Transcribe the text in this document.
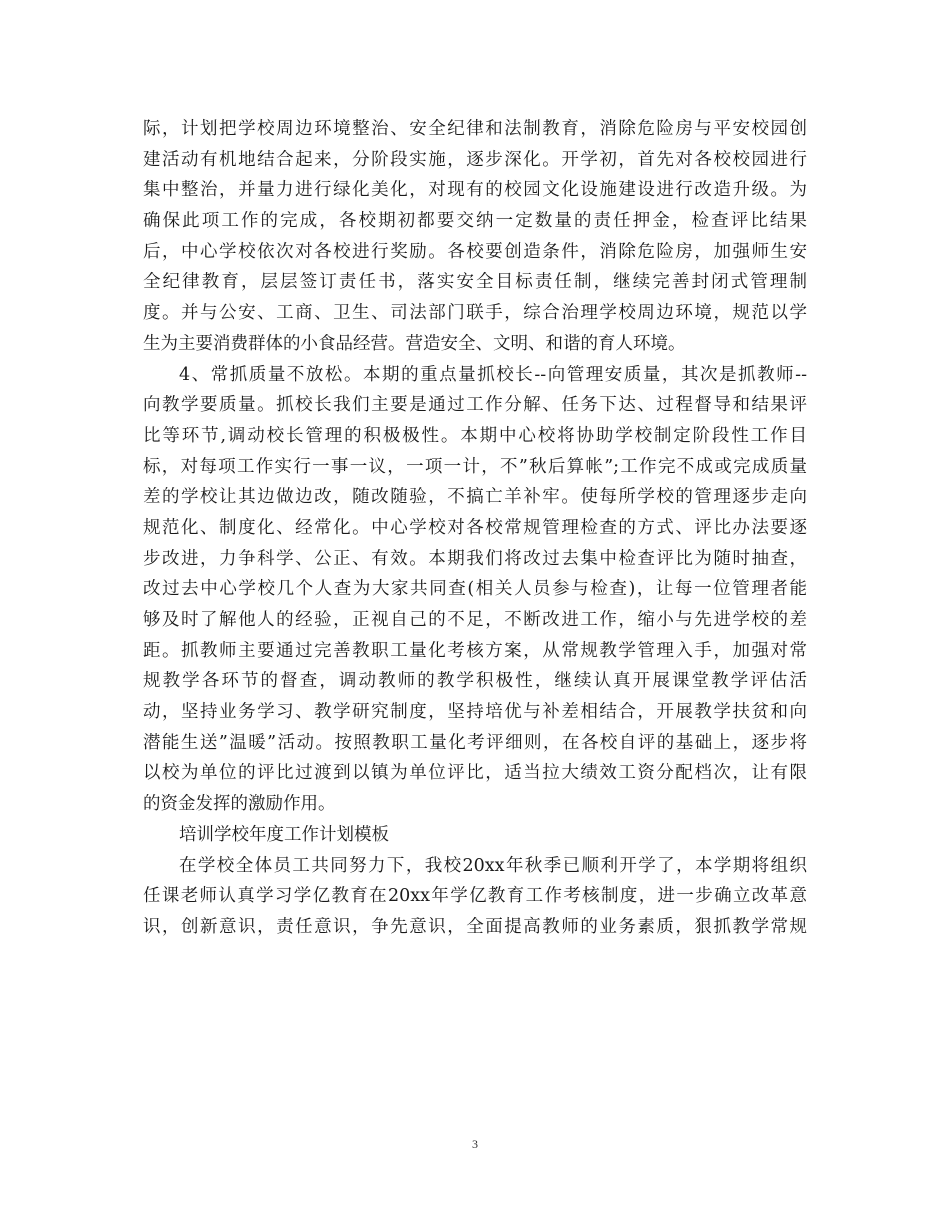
际，计划把学校周边环境整治、安全纪律和法制教育，消除危险房与平安校园创
建活动有机地结合起来，分阶段实施，逐步深化。开学初，首先对各校校园进行
集中整治，并量力进行绿化美化，对现有的校园文化设施建设进行改造升级。为
确保此项工作的完成，各校期初都要交纳一定数量的责任押金，检查评比结果
后，中心学校依次对各校进行奖励。各校要创造条件，消除危险房，加强师生安
全纪律教育，层层签订责任书，落实安全目标责任制，继续完善封闭式管理制
度。并与公安、工商、卫生、司法部门联手，综合治理学校周边环境，规范以学
生为主要消费群体的小食品经营。营造安全、文明、和谐的育人环境。
4、常抓质量不放松。本期的重点量抓校长--向管理安质量，其次是抓教师--
向教学要质量。抓校长我们主要是通过工作分解、任务下达、过程督导和结果评
比等环节,调动校长管理的积极极性。本期中心校将协助学校制定阶段性工作目
标，对每项工作实行一事一议，一项一计，不”秋后算帐”;工作完不成或完成质量
差的学校让其边做边改，随改随验，不搞亡羊补牢。使每所学校的管理逐步走向
规范化、制度化、经常化。中心学校对各校常规管理检查的方式、评比办法要逐
步改进，力争科学、公正、有效。本期我们将改过去集中检查评比为随时抽查，
改过去中心学校几个人查为大家共同查(相关人员参与检查)，让每一位管理者能
够及时了解他人的经验，正视自己的不足，不断改进工作，缩小与先进学校的差
距。抓教师主要通过完善教职工量化考核方案，从常规教学管理入手，加强对常
规教学各环节的督查，调动教师的教学积极性，继续认真开展课堂教学评估活
动，坚持业务学习、教学研究制度，坚持培优与补差相结合，开展教学扶贫和向
潜能生送”温暖”活动。按照教职工量化考评细则，在各校自评的基础上，逐步将
以校为单位的评比过渡到以镇为单位评比，适当拉大绩效工资分配档次，让有限
的资金发挥的激励作用。
培训学校年度工作计划模板
在学校全体员工共同努力下，我校20xx年秋季已顺利开学了，本学期将组织
任课老师认真学习学亿教育在20xx年学亿教育工作考核制度，进一步确立改革意
识，创新意识，责任意识，争先意识，全面提高教师的业务素质，狠抓教学常规
3
